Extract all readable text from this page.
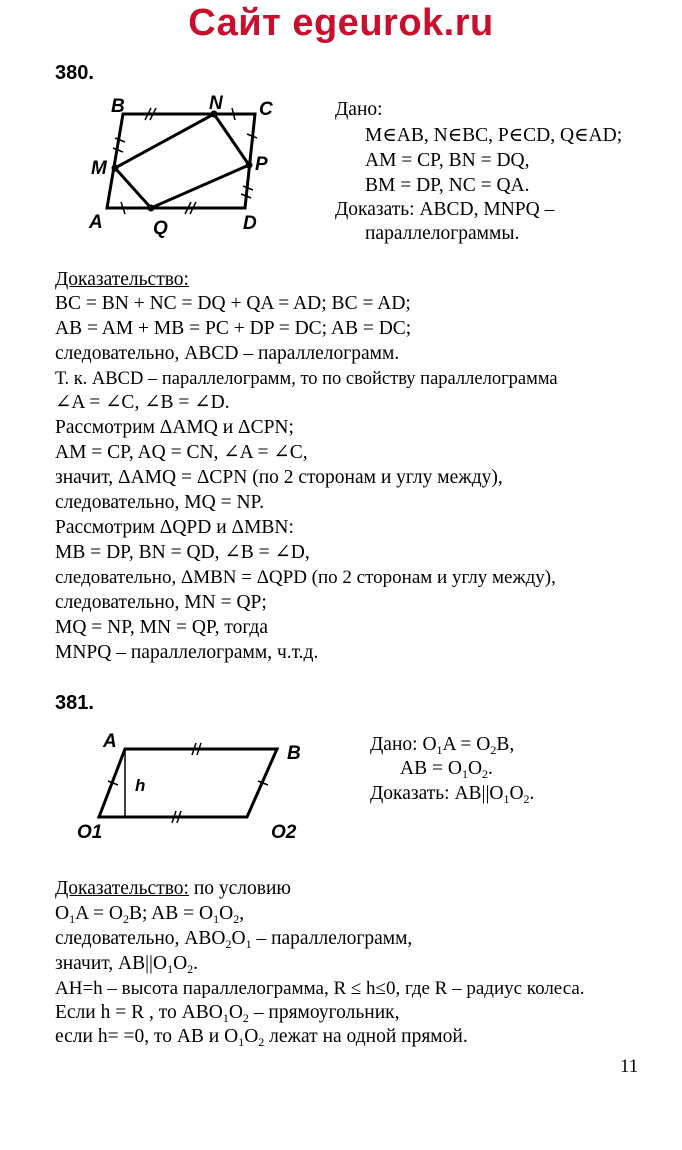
Сайт egeurok.ru
380.
B	N C
M	P
A	Q	D
Дано:
M∈AB, N∈BC, P∈CD, Q∈AD;
AM = CP, BN = DQ,
BM = DP, NC = QA.
Доказать: ABCD, MNPQ –
параллелограммы.
Доказательство:
BC = BN + NC = DQ + QA = AD; BC = AD;
AB = AM + MB = PC + DP = DC; AB = DC;
следовательно, ABCD – параллелограмм.
Т. к. ABCD – параллелограмм, то по свойству параллелограмма
∠A = ∠C, ∠B = ∠D.
Рассмотрим ΔAMQ и ΔCPN;
AM = CP, AQ = CN, ∠A = ∠C,
значит, ΔAMQ = ΔCPN (по 2 сторонам и углу между),
следовательно, MQ = NP.
Рассмотрим ΔQPD и ΔMBN:
MB = DP, BN = QD, ∠B = ∠D,
следовательно, ΔMBN = ΔQPD (по 2 сторонам и углу между),
следовательно, MN = QP;
MQ = NP, MN = QP, тогда
MNPQ – параллелограмм, ч.т.д.
381.
A
B
h
O1	O2
Дано: $O_1A = O_2B$,
AB = $O_1O_2$.
Доказать: $AB||O_1O_2$.
Доказательство: по условию
$O_1A = O_2B$; AB = $O_1O_2$,
следовательно, $ABO_2O_1$ – параллелограмм,
значит, $AB||O_1O_2$.
AH=h – высота параллелограмма, R ≤ h≤0, где R – радиус колеса.
Если h = R , то $ABO_1O_2$ – прямоугольник,
если h= =0, то AB и $O_1O_2$ лежат на одной прямой.
11
